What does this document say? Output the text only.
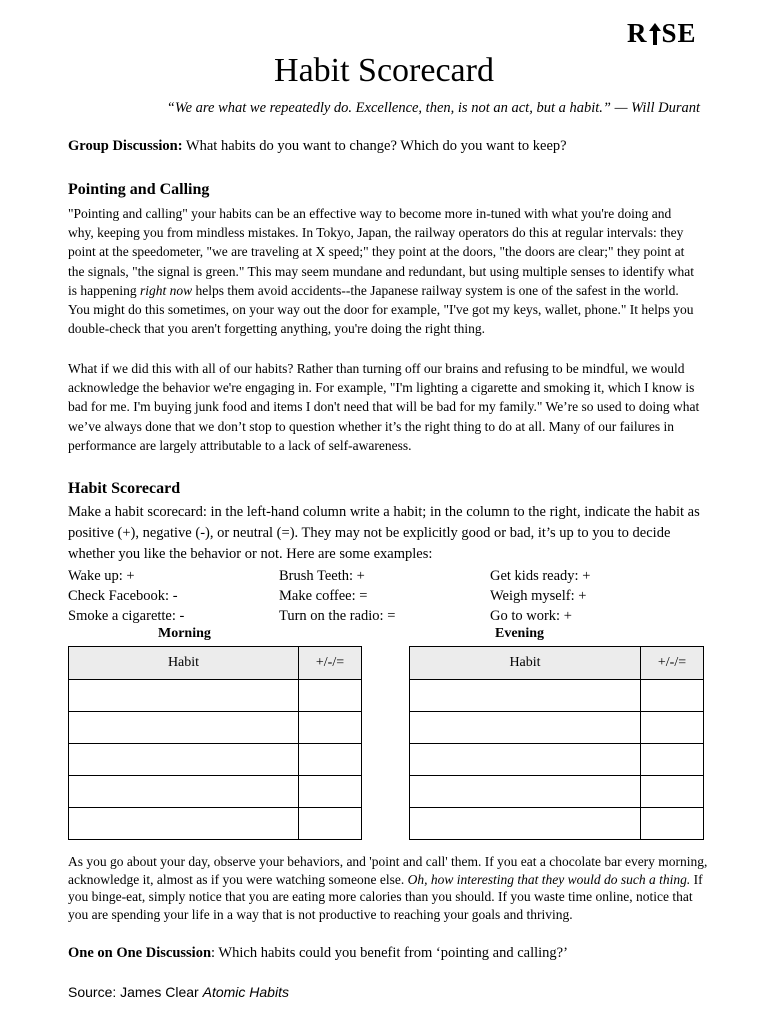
R SE
Habit Scorecard
“We are what we repeatedly do. Excellence, then, is not an act, but a habit.” — Will Durant
Group Discussion: What habits do you want to change? Which do you want to keep?
Pointing and Calling
"Pointing and calling" your habits can be an effective way to become more in-tuned with what you're doing and why, keeping you from mindless mistakes. In Tokyo, Japan, the railway operators do this at regular intervals: they point at the speedometer, "we are traveling at X speed;" they point at the doors, "the doors are clear;" they point at the signals, "the signal is green." This may seem mundane and redundant, but using multiple senses to identify what is happening right now helps them avoid accidents--the Japanese railway system is one of the safest in the world. You might do this sometimes, on your way out the door for example, "I've got my keys, wallet, phone." It helps you double-check that you aren't forgetting anything, you're doing the right thing.
What if we did this with all of our habits? Rather than turning off our brains and refusing to be mindful, we would acknowledge the behavior we're engaging in. For example, "I'm lighting a cigarette and smoking it, which I know is bad for me. I'm buying junk food and items I don't need that will be bad for my family." We’re so used to doing what we’ve always done that we don’t stop to question whether it’s the right thing to do at all. Many of our failures in performance are largely attributable to a lack of self-awareness.
Habit Scorecard
Make a habit scorecard: in the left-hand column write a habit; in the column to the right, indicate the habit as positive (+), negative (-), or neutral (=). They may not be explicitly good or bad, it’s up to you to decide whether you like the behavior or not. Here are some examples:
Wake up: +
Check Facebook: -
Smoke a cigarette: -
Brush Teeth: +
Make coffee: =
Turn on the radio: =
Get kids ready: +
Weigh myself: +
Go to work: +
Morning	Evening
Habit	+/-/=

		Habit	+/-/=

As you go about your day, observe your behaviors, and 'point and call' them. If you eat a chocolate bar every morning, acknowledge it, almost as if you were watching someone else. Oh, how interesting that they would do such a thing. If you binge-eat, simply notice that you are eating more calories than you should. If you waste time online, notice that you are spending your life in a way that is not productive to reaching your goals and thriving.
One on One Discussion: Which habits could you benefit from ‘pointing and calling?’
Source: James Clear Atomic Habits
